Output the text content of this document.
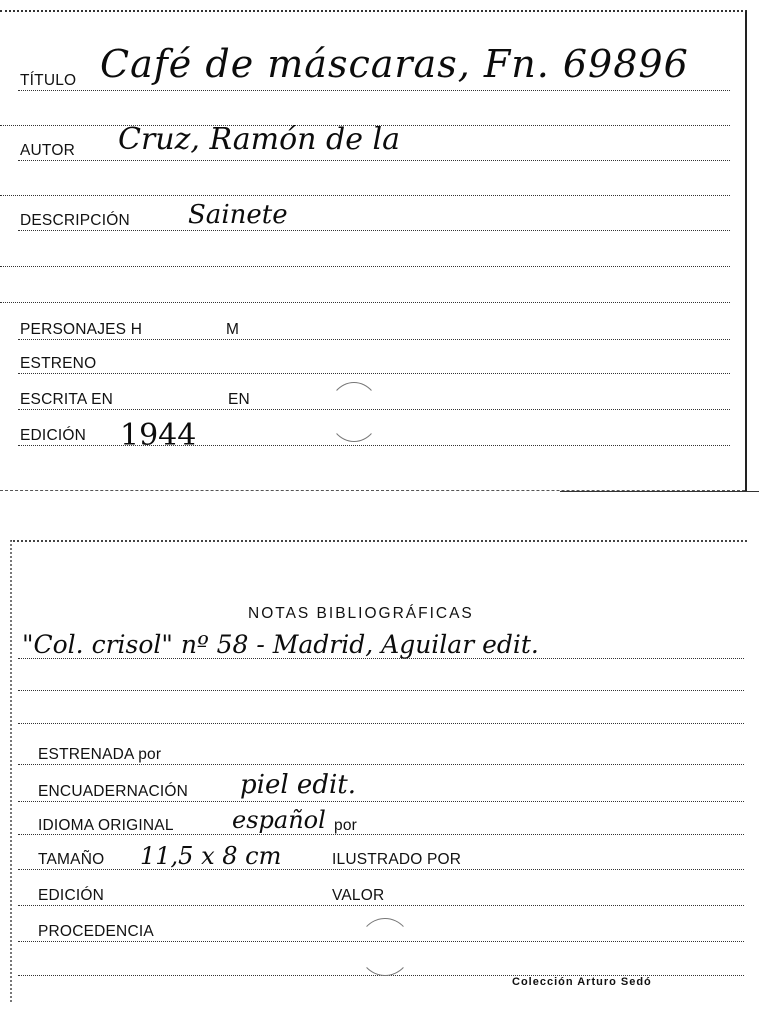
TÍTULO Café de máscaras, Fn. 69896
AUTOR Cruz, Ramón de la
DESCRIPCIÓN Sainete
PERSONAJES H	M
ESTRENO
ESCRITA EN	EN
EDICIÓN 1944
NOTAS BIBLIOGRÁFICAS
"Col. crisol" nº 58 - Madrid, Aguilar edit.
ESTRENADA por
ENCUADERNACIÓN piel edit.
IDIOMA ORIGINAL español por
TAMAÑO 11,5 x 8 cm	ILUSTRADO POR
EDICIÓN	VALOR
PROCEDENCIA
Colección Arturo Sedó
